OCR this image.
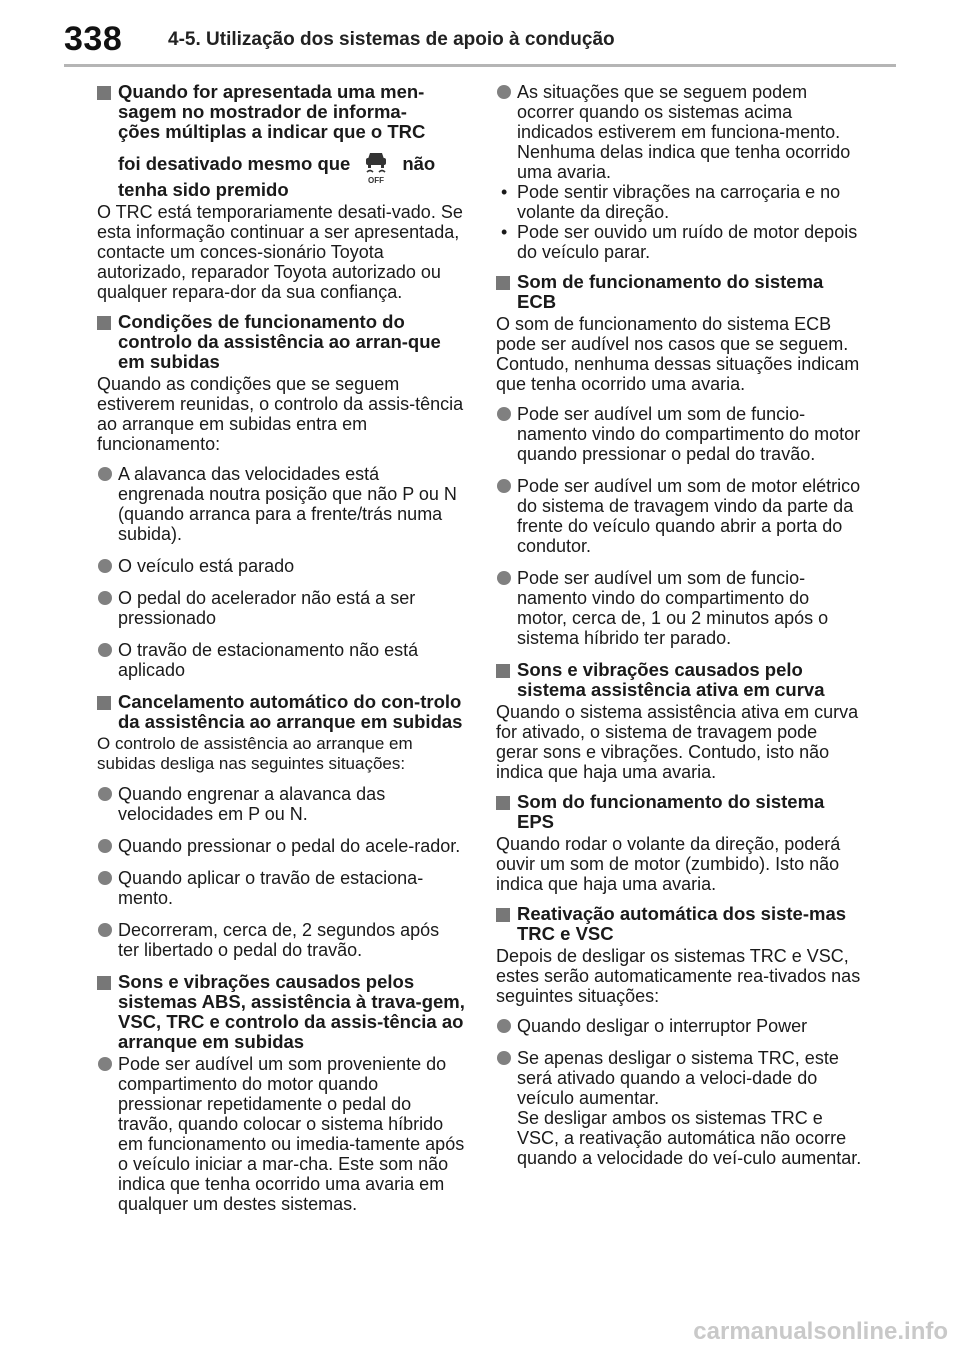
338 4-5. Utilização dos sistemas de apoio à condução
Quando for apresentada uma men-
sagem no mostrador de informa-
ções múltiplas a indicar que o TRC
foi desativado mesmo que
OFF
não
tenha sido premido
O TRC está temporariamente desati-vado. Se esta informação continuar a ser apresentada, contacte um conces-sionário Toyota autorizado, reparador Toyota autorizado ou qualquer repara-dor da sua confiança.
Condições de funcionamento do controlo da assistência ao arran-que em subidas
Quando as condições que se seguem estiverem reunidas, o controlo da assis-tência ao arranque em subidas entra em funcionamento:
A alavanca das velocidades está engrenada noutra posição que não P ou N (quando arranca para a frente/trás numa subida).
O veículo está parado
O pedal do acelerador não está a ser pressionado
O travão de estacionamento não está aplicado
Cancelamento automático do con-trolo da assistência ao arranque em subidas
O controlo de assistência ao arranque em subidas desliga nas seguintes situações:
Quando engrenar a alavanca das velocidades em P ou N.
Quando pressionar o pedal do acele-rador.
Quando aplicar o travão de estaciona-mento.
Decorreram, cerca de, 2 segundos após ter libertado o pedal do travão.
Sons e vibrações causados pelos sistemas ABS, assistência à trava-gem, VSC, TRC e controlo da assis-tência ao arranque em subidas
Pode ser audível um som proveniente do compartimento do motor quando pressionar repetidamente o pedal do travão, quando colocar o sistema híbrido em funcionamento ou imedia-tamente após o veículo iniciar a mar-cha. Este som não indica que tenha ocorrido uma avaria em qualquer um destes sistemas.
As situações que se seguem podem ocorrer quando os sistemas acima indicados estiverem em funciona-mento. Nenhuma delas indica que tenha ocorrido uma avaria.
• Pode sentir vibrações na carroçaria e no volante da direção.
• Pode ser ouvido um ruído de motor depois do veículo parar.
Som de funcionamento do sistema ECB
O som de funcionamento do sistema ECB pode ser audível nos casos que se seguem. Contudo, nenhuma dessas situações indicam que tenha ocorrido uma avaria.
Pode ser audível um som de funcio-namento vindo do compartimento do motor quando pressionar o pedal do travão.
Pode ser audível um som de motor elétrico do sistema de travagem vindo da parte da frente do veículo quando abrir a porta do condutor.
Pode ser audível um som de funcio-namento vindo do compartimento do motor, cerca de, 1 ou 2 minutos após o sistema híbrido ter parado.
Sons e vibrações causados pelo sistema assistência ativa em curva
Quando o sistema assistência ativa em curva for ativado, o sistema de travagem pode gerar sons e vibrações. Contudo, isto não indica que haja uma avaria.
Som do funcionamento do sistema EPS
Quando rodar o volante da direção, poderá ouvir um som de motor (zumbido). Isto não indica que haja uma avaria.
Reativação automática dos siste-mas TRC e VSC
Depois de desligar os sistemas TRC e VSC, estes serão automaticamente rea-tivados nas seguintes situações:
Quando desligar o interruptor Power
Se apenas desligar o sistema TRC, este será ativado quando a veloci-dade do veículo aumentar.
Se desligar ambos os sistemas TRC e VSC, a reativação automática não ocorre quando a velocidade do veí-culo aumentar.
carmanualsonline.info
